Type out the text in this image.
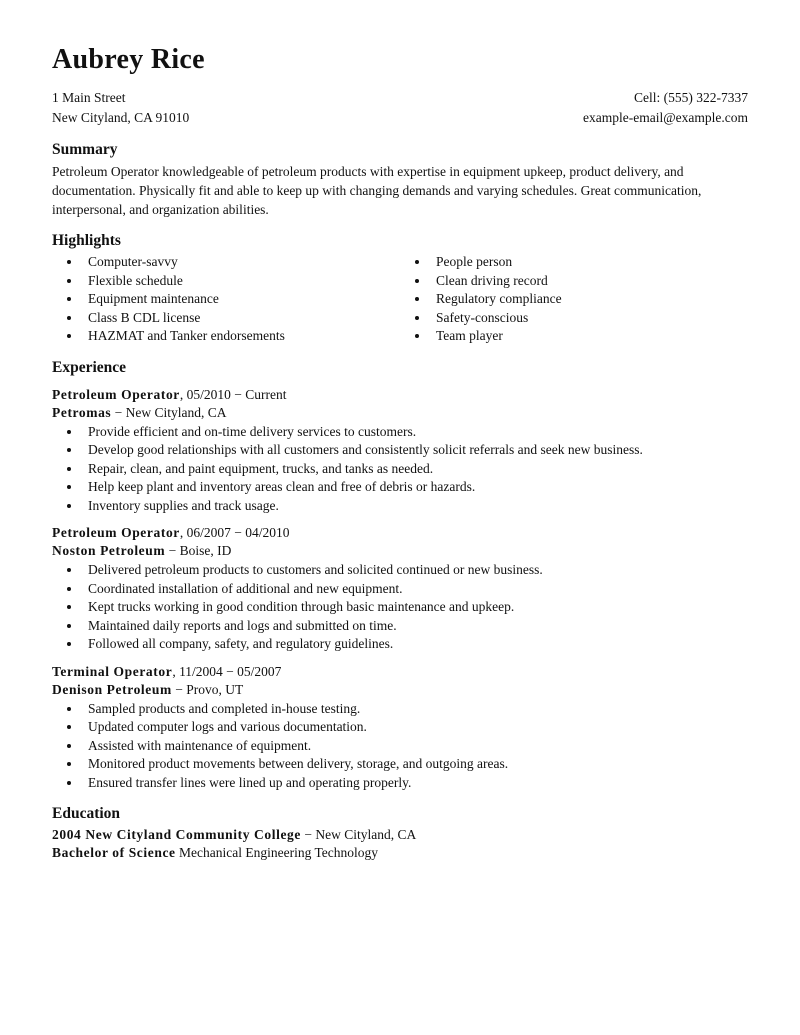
Aubrey Rice
1 Main Street
New Cityland, CA 91010
Cell: (555) 322-7337
example-email@example.com
Summary

Petroleum Operator knowledgeable of petroleum products with expertise in equipment upkeep, product delivery, and documentation. Physically fit and able to keep up with changing demands and varying schedules. Great communication, interpersonal, and organization abilities.

Highlights
• Computer-savvy
• Flexible schedule
• Equipment maintenance
• Class B CDL license
• HAZMAT and Tanker endorsements
• People person
• Clean driving record
• Regulatory compliance
• Safety-conscious
• Team player
Experience

Petroleum Operator, 05/2010 − Current

Petromas − New Cityland, CA

• Provide efficient and on-time delivery services to customers.
• Develop good relationships with all customers and consistently solicit referrals and seek new business.
• Repair, clean, and paint equipment, trucks, and tanks as needed.
• Help keep plant and inventory areas clean and free of debris or hazards.
• Inventory supplies and track usage.

Petroleum Operator, 06/2007 − 04/2010

Noston Petroleum − Boise, ID

• Delivered petroleum products to customers and solicited continued or new business.
• Coordinated installation of additional and new equipment.
• Kept trucks working in good condition through basic maintenance and upkeep.
• Maintained daily reports and logs and submitted on time.
• Followed all company, safety, and regulatory guidelines.

Terminal Operator, 11/2004 − 05/2007

Denison Petroleum − Provo, UT

• Sampled products and completed in-house testing.
• Updated computer logs and various documentation.
• Assisted with maintenance of equipment.
• Monitored product movements between delivery, storage, and outgoing areas.
• Ensured transfer lines were lined up and operating properly.
Education

2004 New Cityland Community College − New Cityland, CA

Bachelor of Science Mechanical Engineering Technology
